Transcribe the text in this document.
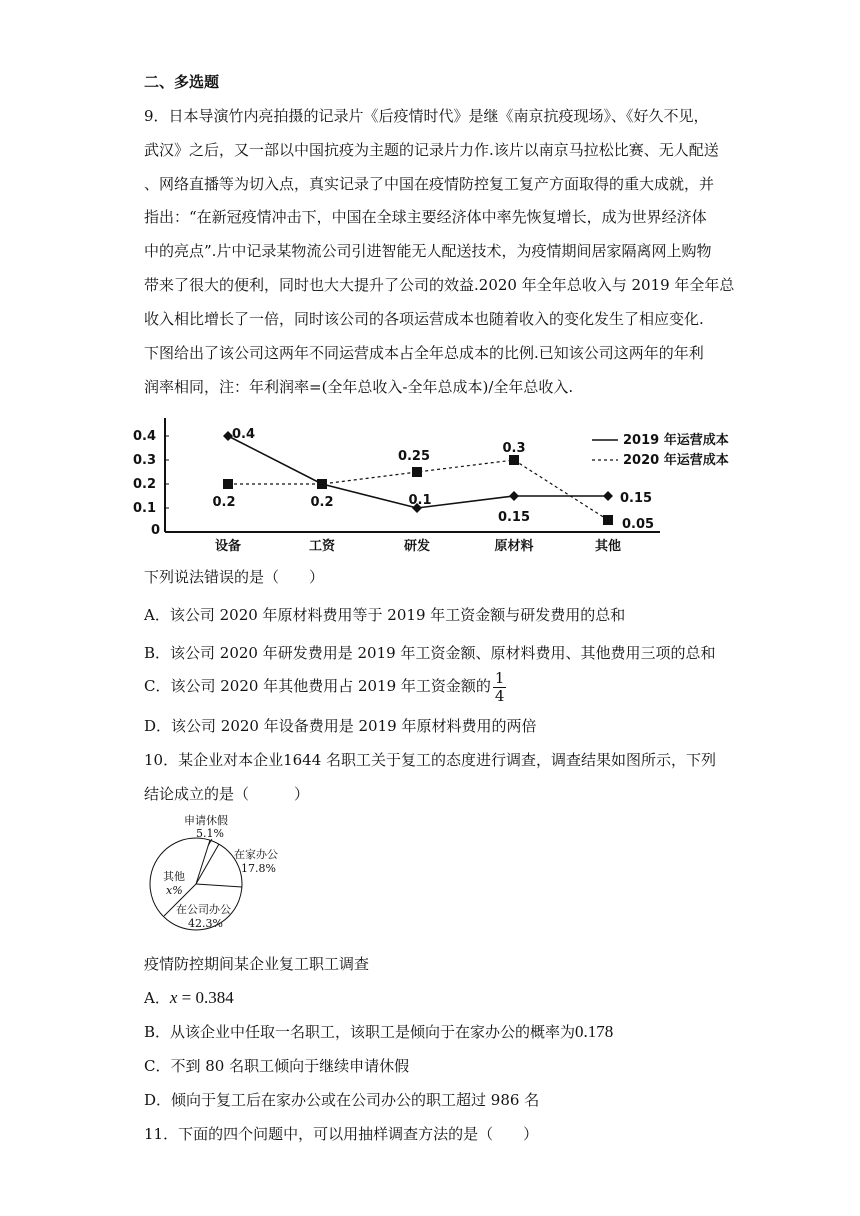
二、多选题
9．日本导演竹内亮拍摄的记录片《后疫情时代》是继《南京抗疫现场》、《好久不见，
武汉》之后，又一部以中国抗疫为主题的记录片力作.该片以南京马拉松比赛、无人配送
、网络直播等为切入点，真实记录了中国在疫情防控复工复产方面取得的重大成就，并
指出：“在新冠疫情冲击下，中国在全球主要经济体中率先恢复增长，成为世界经济体
中的亮点”.片中记录某物流公司引进智能无人配送技术，为疫情期间居家隔离网上购物
带来了很大的便利，同时也大大提升了公司的效益.2020 年全年总收入与 2019 年全年总
收入相比增长了一倍，同时该公司的各项运营成本也随着收入的变化发生了相应变化.
下图给出了该公司这两年不同运营成本占全年总成本的比例.已知该公司这两年的年利
润率相同，注：年利润率=(全年总收入-全年总成本)/全年总收入.
0.4
0.3
0.2
0.1
0
0.4
0.2	0.2	0.1
0.25
0.15
0.3
0.15
0.05
设备	工资	研发	原材料	其他
2019 年运营成本
2020 年运营成本
下列说法错误的是（　　）
A．该公司 2020 年原材料费用等于 2019 年工资金额与研发费用的总和
B．该公司 2020 年研发费用是 2019 年工资金额、原材料费用、其他费用三项的总和
C．该公司 2020 年其他费用占 2019 年工资金额的 $\frac{1}{4}$
D．该公司 2020 年设备费用是 2019 年原材料费用的两倍
10．某企业对本企业1644 名职工关于复工的态度进行调查，调查结果如图所示，下列
结论成立的是（　　　）
申请休假
5.1%
在家办公
17.8%
其他
x%
在公司办公
42.3%
疫情防控期间某企业复工职工调查
A．x = 0.384
B．从该企业中任取一名职工，该职工是倾向于在家办公的概率为0.178
C．不到 80 名职工倾向于继续申请休假
D．倾向于复工后在家办公或在公司办公的职工超过 986 名
11．下面的四个问题中，可以用抽样调查方法的是（　　）
